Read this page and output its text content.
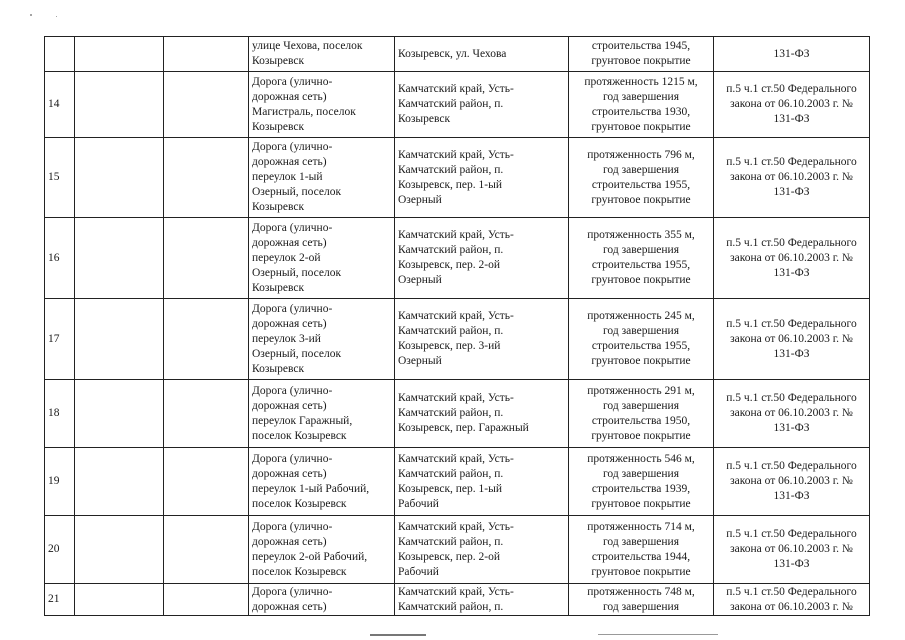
			улице Чехова, поселок
Козыревск	Козыревск, ул. Чехова	строительства 1945,
грунтовое покрытие	131-ФЗ
14			Дорога (улично-
дорожная сеть)
Магистраль, поселок
Козыревск	Камчатский край, Усть-
Камчатский район, п.
Козыревск	протяженность 1215 м,
год завершения
строительства 1930,
грунтовое покрытие	п.5 ч.1 ст.50 Федерального
закона от 06.10.2003 г. №
131-ФЗ
15			Дорога (улично-
дорожная сеть)
переулок 1-ый
Озерный, поселок
Козыревск	Камчатский край, Усть-
Камчатский район, п.
Козыревск, пер. 1-ый
Озерный	протяженность 796 м,
год завершения
строительства 1955,
грунтовое покрытие	п.5 ч.1 ст.50 Федерального
закона от 06.10.2003 г. №
131-ФЗ
16			Дорога (улично-
дорожная сеть)
переулок 2-ой
Озерный, поселок
Козыревск	Камчатский край, Усть-
Камчатский район, п.
Козыревск, пер. 2-ой
Озерный	протяженность 355 м,
год завершения
строительства 1955,
грунтовое покрытие	п.5 ч.1 ст.50 Федерального
закона от 06.10.2003 г. №
131-ФЗ
17			Дорога (улично-
дорожная сеть)
переулок 3-ий
Озерный, поселок
Козыревск	Камчатский край, Усть-
Камчатский район, п.
Козыревск, пер. 3-ий
Озерный	протяженность 245 м,
год завершения
строительства 1955,
грунтовое покрытие	п.5 ч.1 ст.50 Федерального
закона от 06.10.2003 г. №
131-ФЗ
18			Дорога (улично-
дорожная сеть)
переулок Гаражный,
поселок Козыревск	Камчатский край, Усть-
Камчатский район, п.
Козыревск, пер. Гаражный	протяженность 291 м,
год завершения
строительства 1950,
грунтовое покрытие	п.5 ч.1 ст.50 Федерального
закона от 06.10.2003 г. №
131-ФЗ
19			Дорога (улично-
дорожная сеть)
переулок 1-ый Рабочий,
поселок Козыревск	Камчатский край, Усть-
Камчатский район, п.
Козыревск, пер. 1-ый
Рабочий	протяженность 546 м,
год завершения
строительства 1939,
грунтовое покрытие	п.5 ч.1 ст.50 Федерального
закона от 06.10.2003 г. №
131-ФЗ
20			Дорога (улично-
дорожная сеть)
переулок 2-ой Рабочий,
поселок Козыревск	Камчатский край, Усть-
Камчатский район, п.
Козыревск, пер. 2-ой
Рабочий	протяженность 714 м,
год завершения
строительства 1944,
грунтовое покрытие	п.5 ч.1 ст.50 Федерального
закона от 06.10.2003 г. №
131-ФЗ
21			Дорога (улично-
дорожная сеть)	Камчатский край, Усть-
Камчатский район, п.	протяженность 748 м,
год завершения	п.5 ч.1 ст.50 Федерального
закона от 06.10.2003 г. №
